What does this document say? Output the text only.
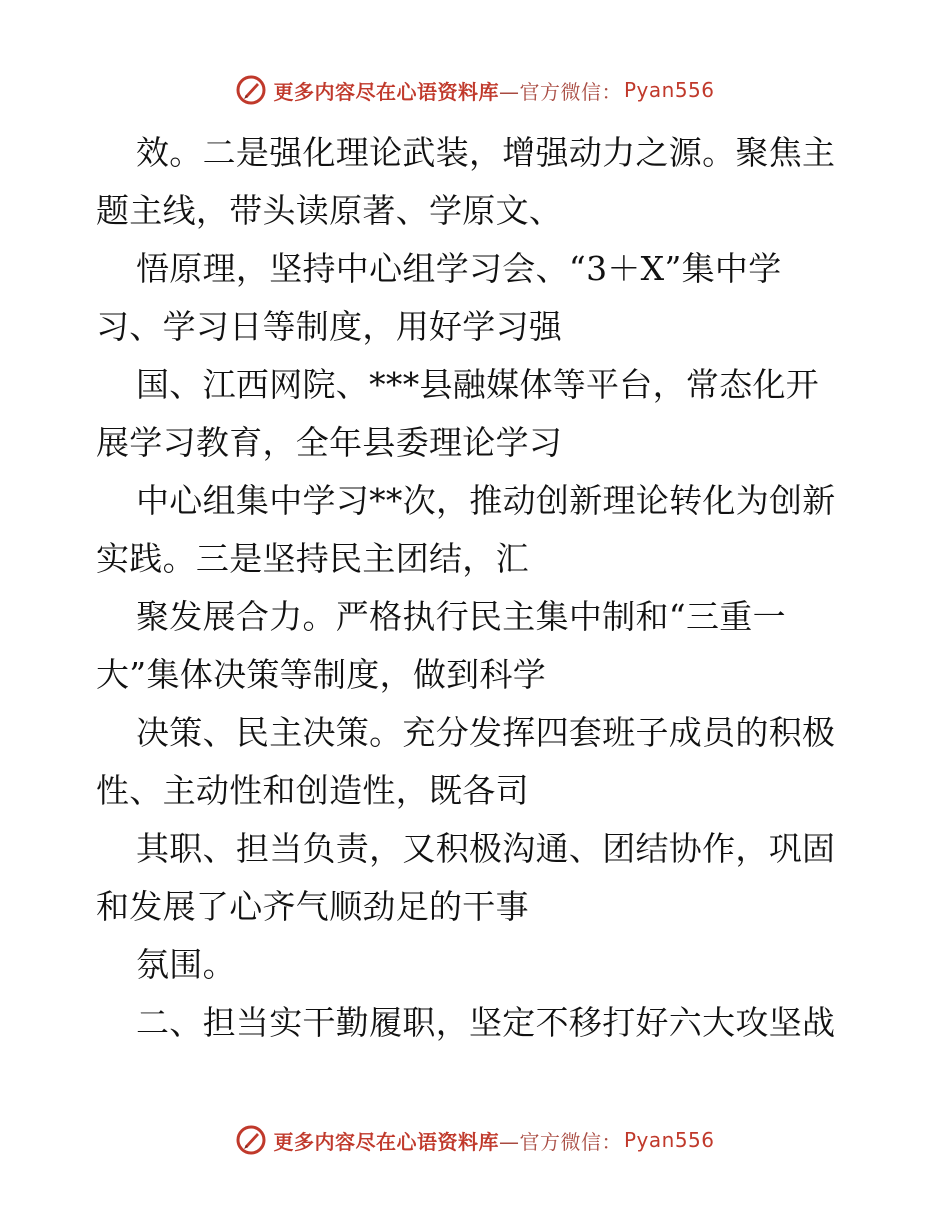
更多内容尽在心语资料库 —官方微信： Pyan556
效。二是强化理论武装，增强动力之源。聚焦主
题主线，带头读原著、学原文、
悟原理，坚持中心组学习会、“3＋X”集中学
习、学习日等制度，用好学习强
国、江西网院、***县融媒体等平台，常态化开
展学习教育，全年县委理论学习
中心组集中学习**次，推动创新理论转化为创新
实践。三是坚持民主团结，汇
聚发展合力。严格执行民主集中制和“三重一
大”集体决策等制度，做到科学
决策、民主决策。充分发挥四套班子成员的积极
性、主动性和创造性，既各司
其职、担当负责，又积极沟通、团结协作，巩固
和发展了心齐气顺劲足的干事
氛围。
二、担当实干勤履职，坚定不移打好六大攻坚战
更多内容尽在心语资料库 —官方微信： Pyan556
